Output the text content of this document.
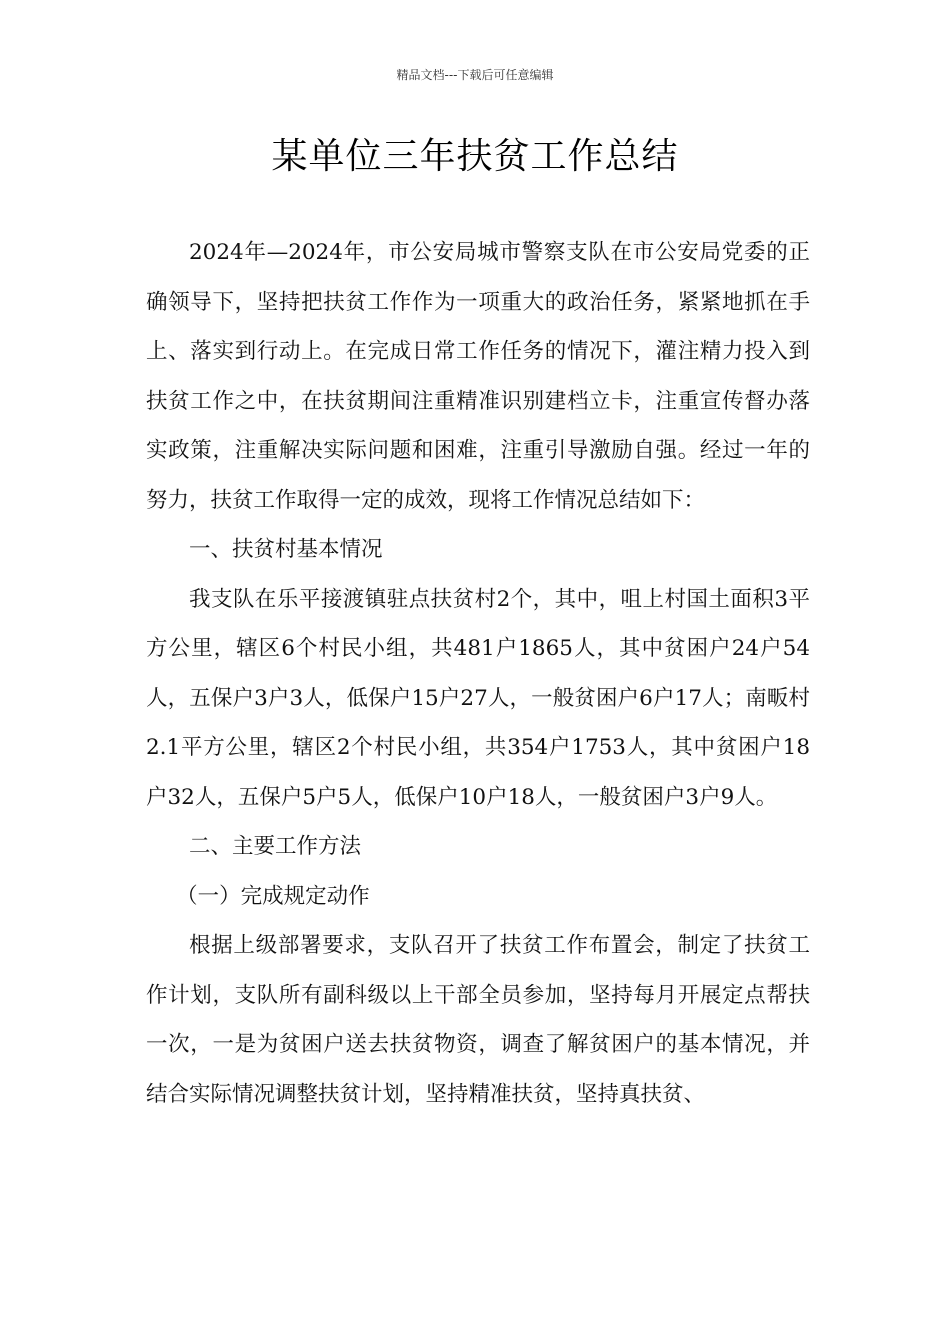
精品文档---下载后可任意编辑
某单位三年扶贫工作总结

2024年—2024年，市公安局城市警察支队在市公安局党委的正确领导下，坚持把扶贫工作作为一项重大的政治任务，紧紧地抓在手上、落实到行动上。在完成日常工作任务的情况下，灌注精力投入到扶贫工作之中，在扶贫期间注重精准识别建档立卡，注重宣传督办落实政策，注重解决实际问题和困难，注重引导激励自强。经过一年的努力，扶贫工作取得一定的成效，现将工作情况总结如下：

一、扶贫村基本情况

我支队在乐平接渡镇驻点扶贫村2个，其中，咀上村国土面积3平方公里，辖区6个村民小组，共481户1865人，其中贫困户24户54人，五保户3户3人，低保户15户27人，一般贫困户6户17人；南畈村2.1平方公里，辖区2个村民小组，共354户1753人，其中贫困户18户32人，五保户5户5人，低保户10户18人，一般贫困户3户9人。

二、主要工作方法

（一）完成规定动作

根据上级部署要求，支队召开了扶贫工作布置会，制定了扶贫工作计划，支队所有副科级以上干部全员参加，坚持每月开展定点帮扶一次，一是为贫困户送去扶贫物资，调查了解贫困户的基本情况，并结合实际情况调整扶贫计划，坚持精准扶贫，坚持真扶贫、
